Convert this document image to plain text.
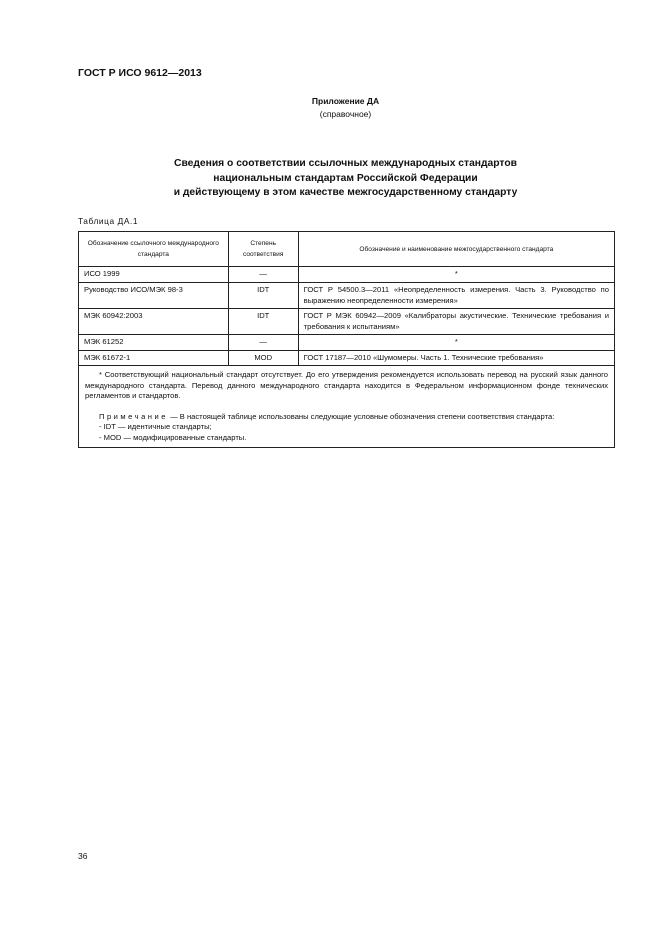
ГОСТ Р ИСО 9612—2013
Приложение ДА
(справочное)
Сведения о соответствии ссылочных международных стандартов
национальным стандартам Российской Федерации
и действующему в этом качестве межгосударственному стандарту
Таблица ДА.1
Обозначение ссылочного международного стандарта	Степень соответствия	Обозначение и наименование межгосударственного стандарта
ИСО 1999	—	*
Руководство ИСО/МЭК 98-3	IDT	ГОСТ Р 54500.3—2011 «Неопределенность измерения. Часть 3. Руководство по выражению неопределенности измерения»
МЭК 60942:2003	IDT	ГОСТ Р МЭК 60942—2009 «Калибраторы акустические. Технические требования и требования к испытаниям»
МЭК 61252	—	*
МЭК 61672-1	MOD	ГОСТ 17187—2010 «Шумомеры. Часть 1. Технические требования»

* Соответствующий национальный стандарт отсутствует. До его утверждения рекомендуется использовать перевод на русский язык данного международного стандарта. Перевод данного международного стандарта находится в Федеральном информационном фонде технических регламентов и стандартов.

Примечание — В настоящей таблице использованы следующие условные обозначения степени соответствия стандарта:

- IDT — идентичные стандарты;

- MOD — модифицированные стандарты.		

36
